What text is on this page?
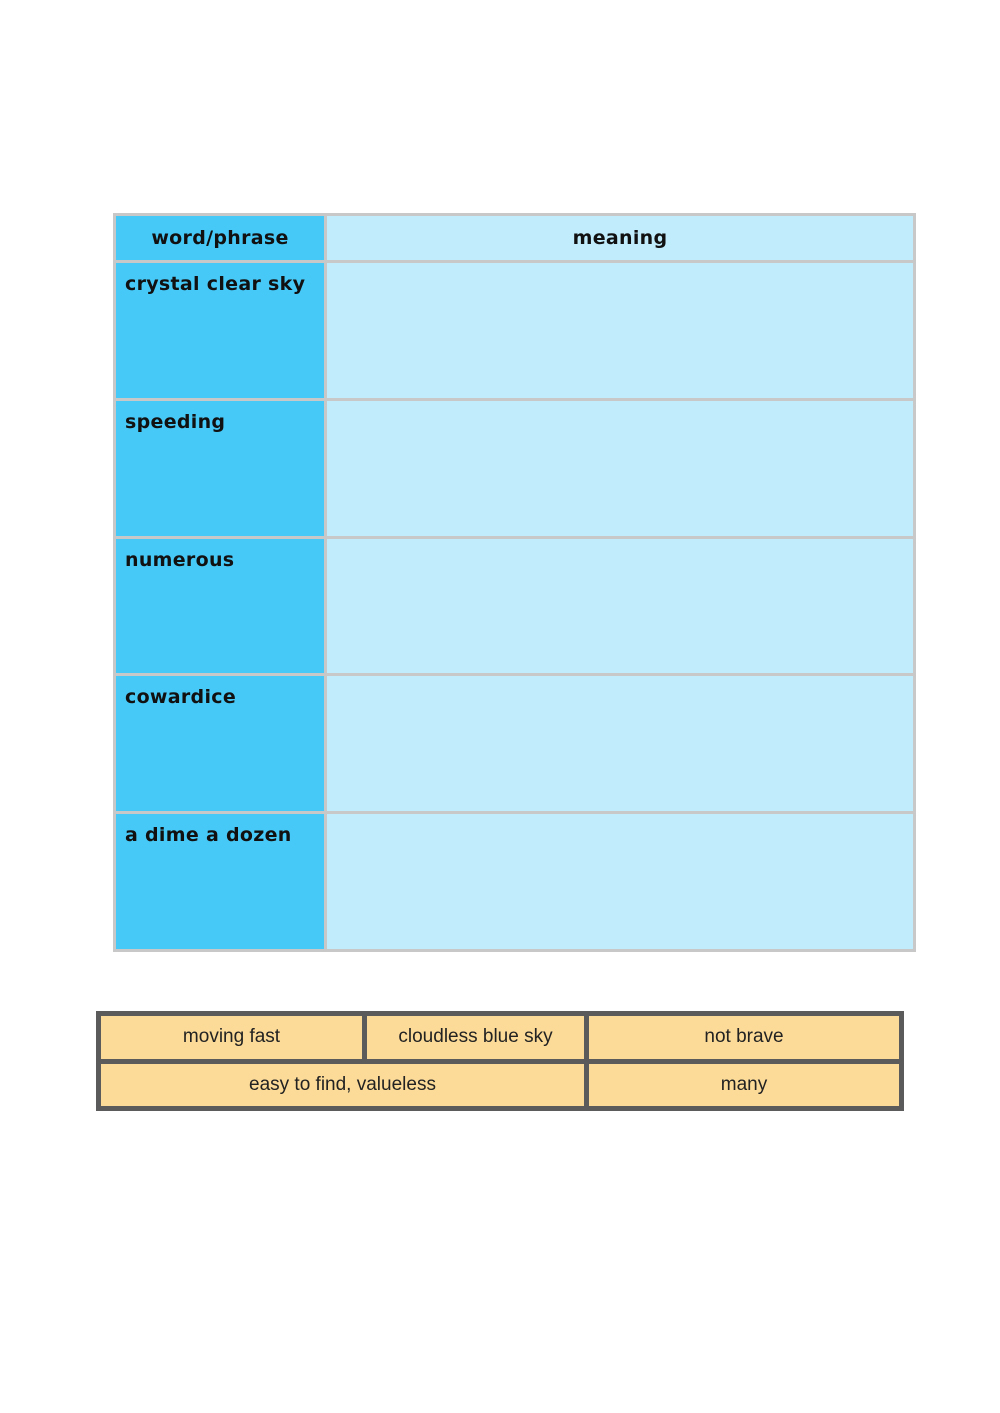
word/phrase	meaning
crystal clear sky
speeding
numerous
cowardice
a dime a dozen
moving fast	cloudless blue sky	not brave
easy to find, valueless	many
